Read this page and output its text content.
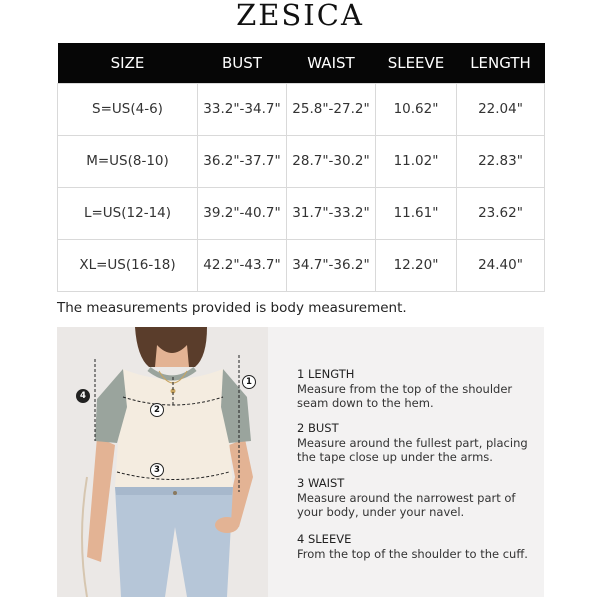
ZESICA
SIZE	BUST	WAIST	SLEEVE	LENGTH
S=US(4-6)	33.2"-34.7"	25.8"-27.2"	10.62"	22.04"
M=US(8-10)	36.2"-37.7"	28.7"-30.2"	11.02"	22.83"
L=US(12-14)	39.2"-40.7"	31.7"-33.2"	11.61"	23.62"
XL=US(16-18)	42.2"-43.7"	34.7"-36.2"	12.20"	24.40"
The measurements provided is body measurement.
1
2
3
4
1 LENGTH
Measure from the top of the shoulder seam down to the hem.
2 BUST
Measure around the fullest part, placing the tape close up under the arms.
3 WAIST
Measure around the narrowest part of your body, under your navel.
4 SLEEVE
From the top of the shoulder to the cuff.
